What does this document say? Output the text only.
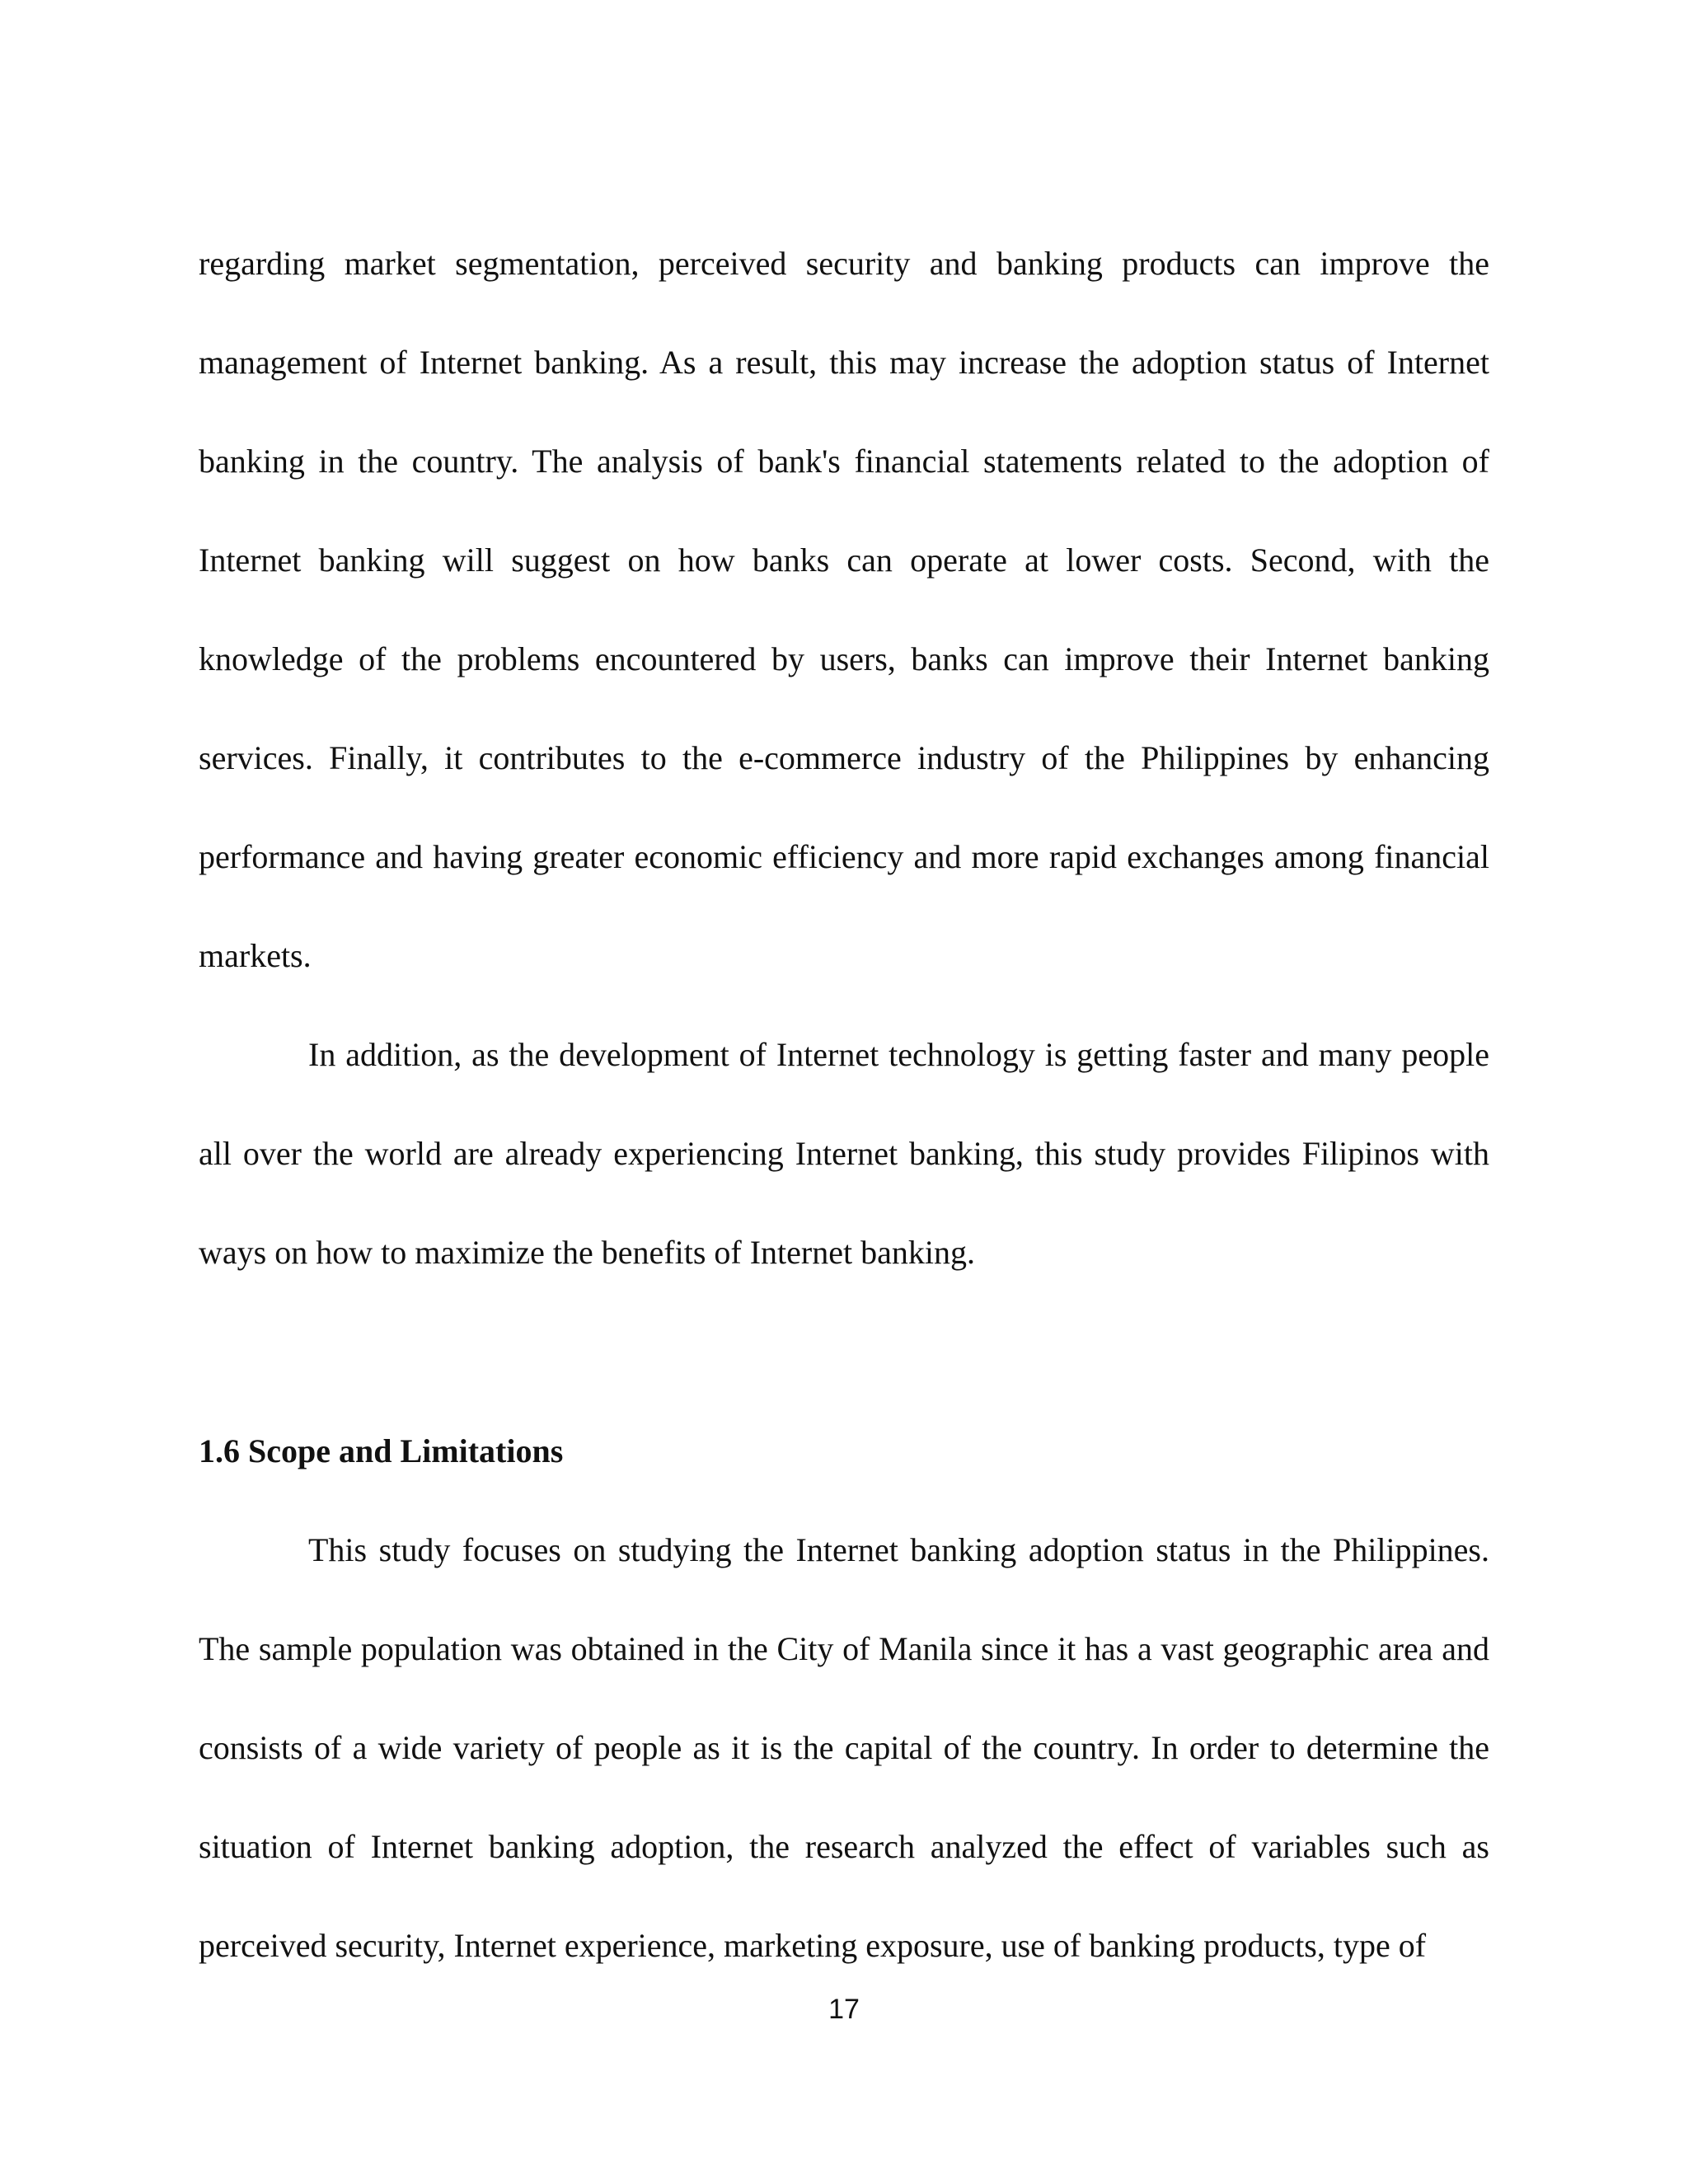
regarding market segmentation, perceived security and banking products can improve the management of Internet banking. As a result, this may increase the adoption status of Internet banking in the country. The analysis of bank's financial statements related to the adoption of Internet banking will suggest on how banks can operate at lower costs. Second, with the knowledge of the problems encountered by users, banks can improve their Internet banking services. Finally, it contributes to the e-commerce industry of the Philippines by enhancing performance and having greater economic efficiency and more rapid exchanges among financial markets.

In addition, as the development of Internet technology is getting faster and many people all over the world are already experiencing Internet banking, this study provides Filipinos with ways on how to maximize the benefits of Internet banking.

1.6 Scope and Limitations

This study focuses on studying the Internet banking adoption status in the Philippines. The sample population was obtained in the City of Manila since it has a vast geographic area and consists of a wide variety of people as it is the capital of the country. In order to determine the situation of Internet banking adoption, the research analyzed the effect of variables such as perceived security, Internet experience, marketing exposure, use of banking products, type of

17
